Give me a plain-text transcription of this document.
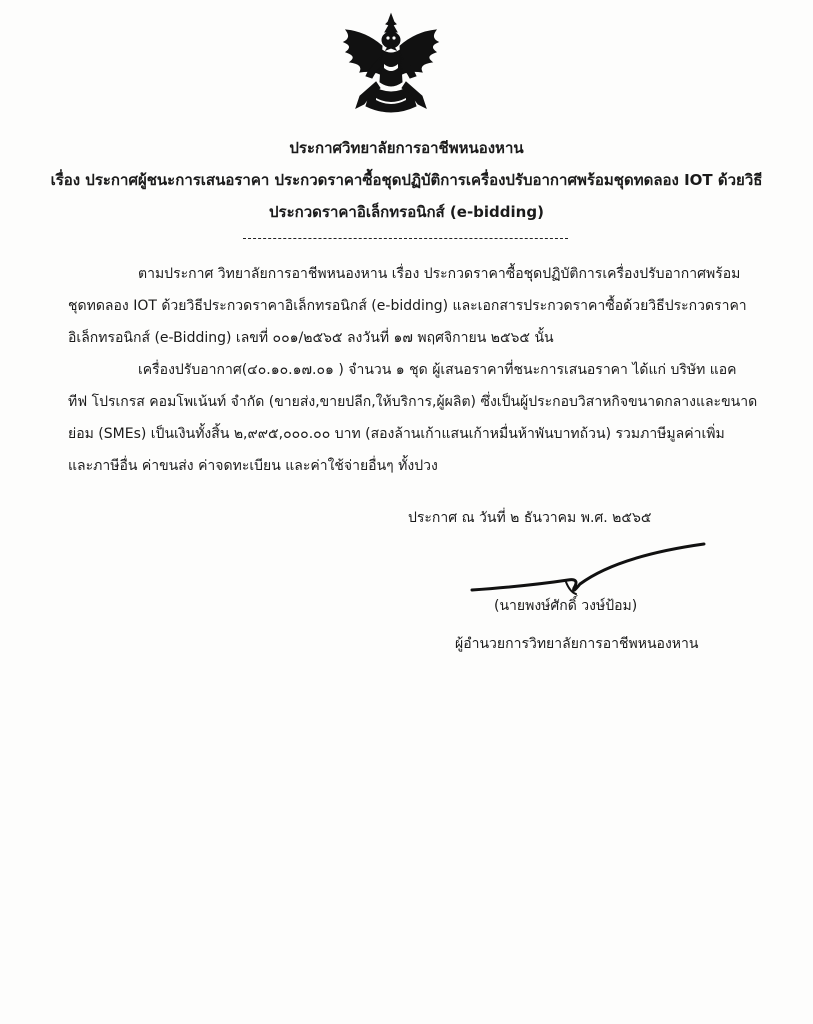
ประกาศวิทยาลัยการอาชีพหนองหาน
เรื่อง ประกาศผู้ชนะการเสนอราคา ประกวดราคาซื้อชุดปฏิบัติการเครื่องปรับอากาศพร้อมชุดทดลอง IOT ด้วยวิธี
ประกวดราคาอิเล็กทรอนิกส์ (e-bidding)
ตามประกาศ วิทยาลัยการอาชีพหนองหาน เรื่อง ประกวดราคาซื้อชุดปฏิบัติการเครื่องปรับอากาศพร้อม
ชุดทดลอง IOT ด้วยวิธีประกวดราคาอิเล็กทรอนิกส์ (e-bidding) และเอกสารประกวดราคาซื้อด้วยวิธีประกวดราคา
อิเล็กทรอนิกส์ (e-Bidding) เลขที่ ๐๐๑/๒๕๖๕ ลงวันที่ ๑๗ พฤศจิกายน ๒๕๖๕ นั้น
เครื่องปรับอากาศ(๔๐.๑๐.๑๗.๐๑ ) จำนวน ๑ ชุด ผู้เสนอราคาที่ชนะการเสนอราคา ได้แก่ บริษัท แอค
ทีฟ โปรเกรส คอมโพเน้นท์ จำกัด (ขายส่ง,ขายปลีก,ให้บริการ,ผู้ผลิต) ซึ่งเป็นผู้ประกอบวิสาหกิจขนาดกลางและขนาด
ย่อม (SMEs) เป็นเงินทั้งสิ้น ๒,๙๙๕,๐๐๐.๐๐ บาท (สองล้านเก้าแสนเก้าหมื่นห้าพันบาทถ้วน) รวมภาษีมูลค่าเพิ่ม
และภาษีอื่น ค่าขนส่ง ค่าจดทะเบียน และค่าใช้จ่ายอื่นๆ ทั้งปวง
ประกาศ ณ วันที่ ๒ ธันวาคม พ.ศ. ๒๕๖๕
(นายพงษ์ศักดิ์ วงษ์ป้อม)
ผู้อำนวยการวิทยาลัยการอาชีพหนองหาน
